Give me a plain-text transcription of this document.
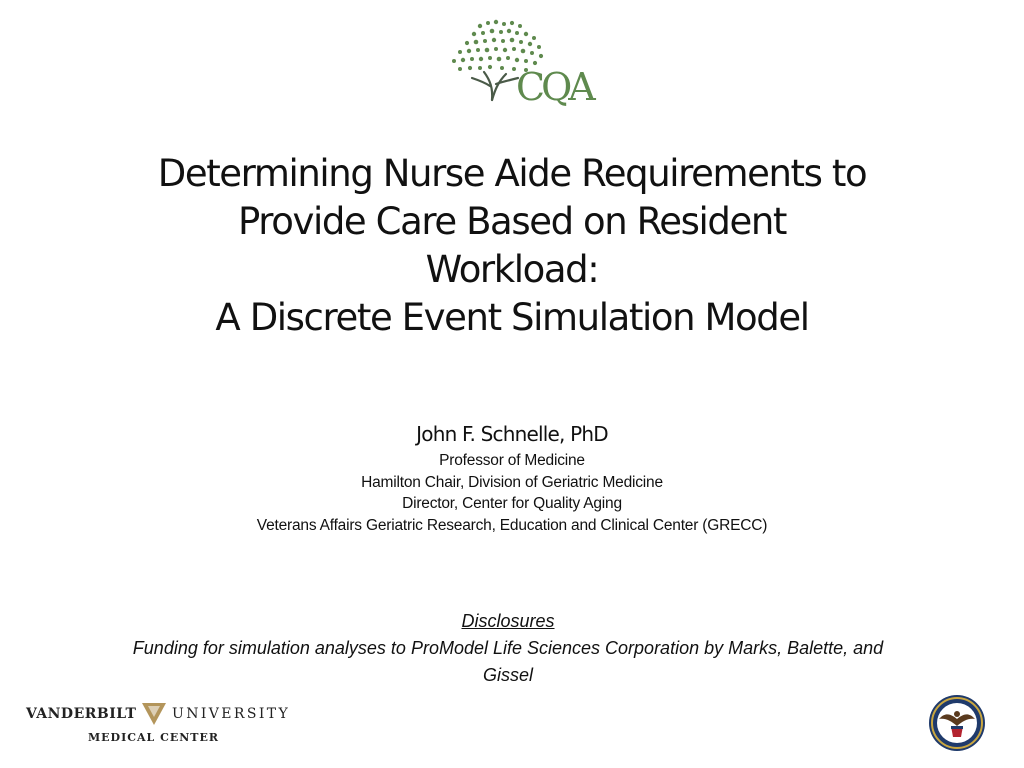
CQA
Determining Nurse Aide Requirements to
Provide Care Based on Resident
Workload:
A Discrete Event Simulation Model
John F. Schnelle, PhD
Professor of Medicine
Hamilton Chair, Division of Geriatric Medicine
Director, Center for Quality Aging
Veterans Affairs Geriatric Research, Education and Clinical Center (GRECC)
Disclosures
Funding for simulation analyses to ProModel Life Sciences Corporation by Marks, Balette, and Gissel
VANDERBILT	UNIVERSITY
MEDICAL CENTER
